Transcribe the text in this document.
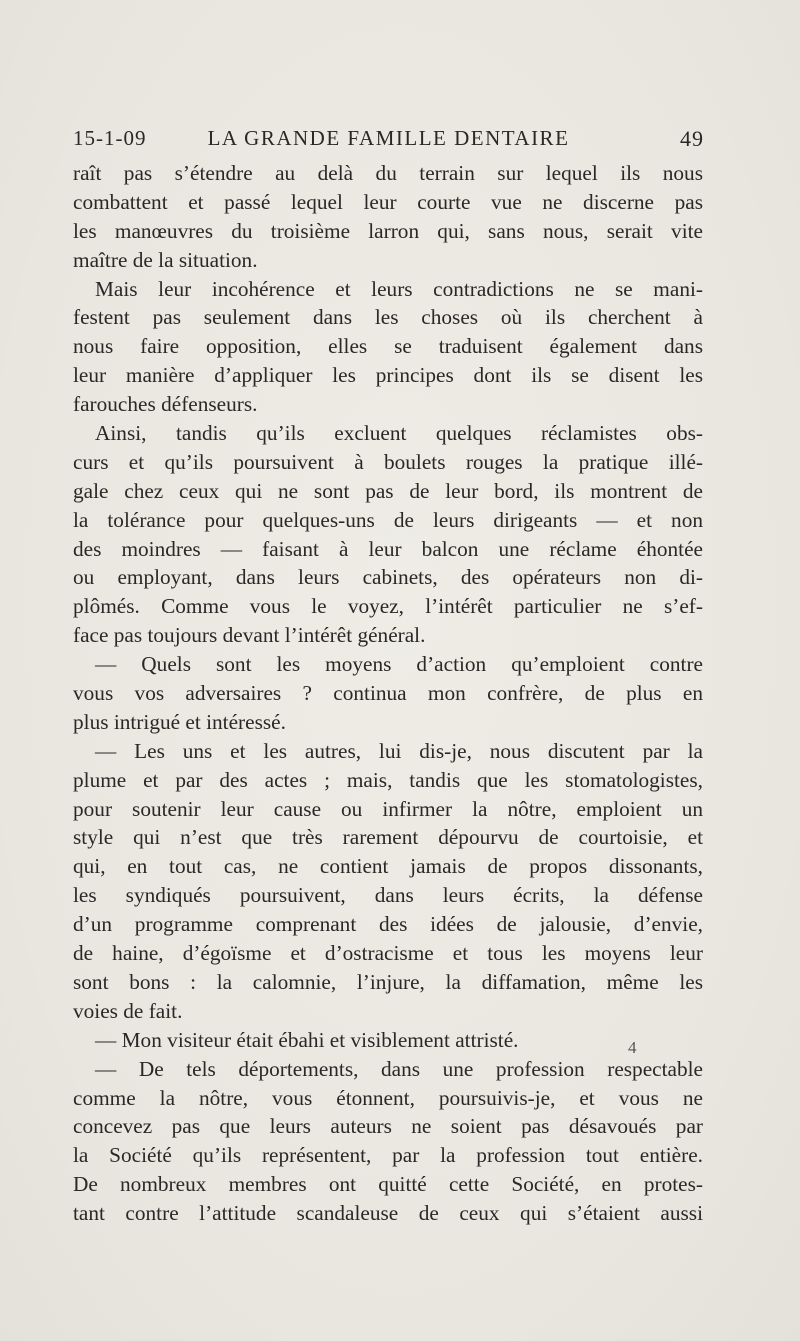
15-1-09	LA GRANDE FAMILLE DENTAIRE	49
raît pas s’étendre au delà du terrain sur lequel ils nous
combattent et passé lequel leur courte vue ne discerne pas
les manœuvres du troisième larron qui, sans nous, serait vite
maître de la situation.
Mais leur incohérence et leurs contradictions ne se mani-
festent pas seulement dans les choses où ils cherchent à
nous faire opposition, elles se traduisent également dans
leur manière d’appliquer les principes dont ils se disent les
farouches défenseurs.
Ainsi, tandis qu’ils excluent quelques réclamistes obs-
curs et qu’ils poursuivent à boulets rouges la pratique illé-
gale chez ceux qui ne sont pas de leur bord, ils montrent de
la tolérance pour quelques-uns de leurs dirigeants — et non
des moindres — faisant à leur balcon une réclame éhontée
ou employant, dans leurs cabinets, des opérateurs non di-
plômés. Comme vous le voyez, l’intérêt particulier ne s’ef-
face pas toujours devant l’intérêt général.
— Quels sont les moyens d’action qu’emploient contre
vous vos adversaires ? continua mon confrère, de plus en
plus intrigué et intéressé.
— Les uns et les autres, lui dis-je, nous discutent par la
plume et par des actes ; mais, tandis que les stomatologistes,
pour soutenir leur cause ou infirmer la nôtre, emploient un
style qui n’est que très rarement dépourvu de courtoisie, et
qui, en tout cas, ne contient jamais de propos dissonants,
les syndiqués poursuivent, dans leurs écrits, la défense
d’un programme comprenant des idées de jalousie, d’envie,
de haine, d’égoïsme et d’ostracisme et tous les moyens leur
sont bons : la calomnie, l’injure, la diffamation, même les
voies de fait.
— Mon visiteur était ébahi et visiblement attristé.
— De tels déportements, dans une profession respectable
comme la nôtre, vous étonnent, poursuivis-je, et vous ne
concevez pas que leurs auteurs ne soient pas désavoués par
la Société qu’ils représentent, par la profession tout entière.
De nombreux membres ont quitté cette Société, en protes-
tant contre l’attitude scandaleuse de ceux qui s’étaient aussi
4
